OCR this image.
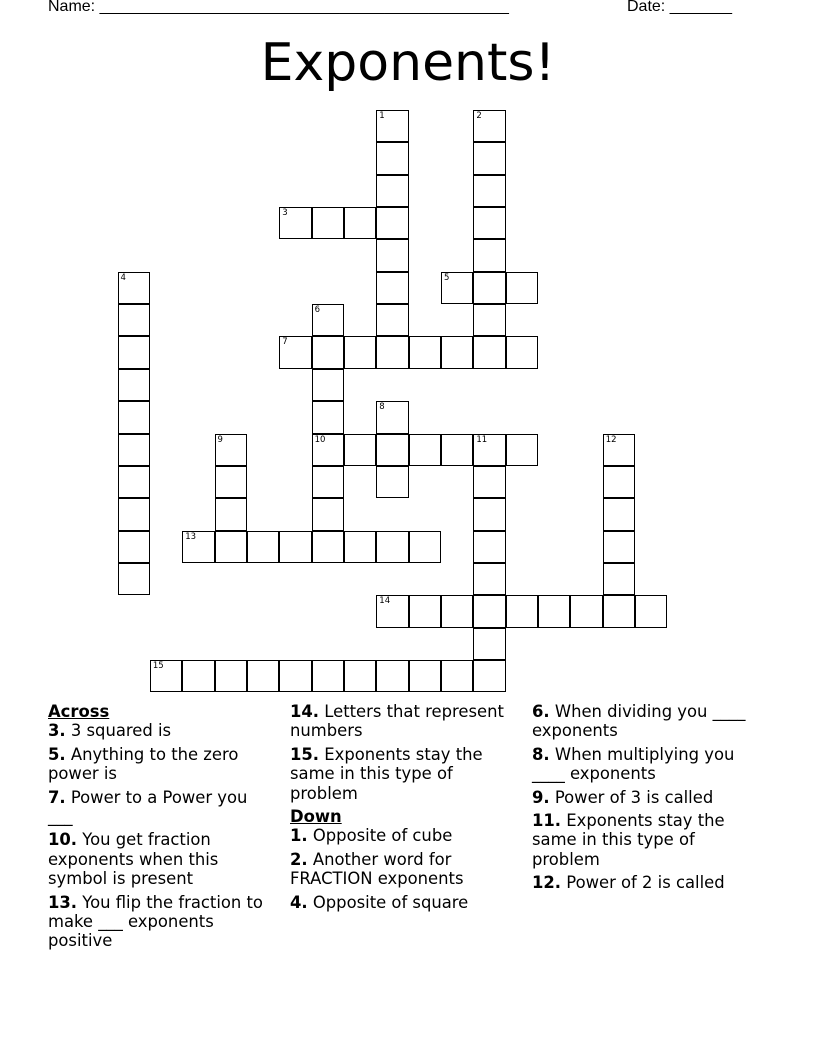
Name: ______________________________________________	Date: _______
Exponents!
1	2
3
4	5
6
10
7
8
9	11	12
13
14
15
Across
3. 3 squared is
5. Anything to the zero power is
7. Power to a Power you ___
10. You get fraction exponents when this symbol is present
13. You flip the fraction to make ___ exponents positive
14. Letters that represent numbers
15. Exponents stay the same in this type of problem
Down
1. Opposite of cube
2. Another word for FRACTION exponents
4. Opposite of square
6. When dividing you ____ exponents
8. When multiplying you ____ exponents
9. Power of 3 is called
11. Exponents stay the same in this type of problem
12. Power of 2 is called
